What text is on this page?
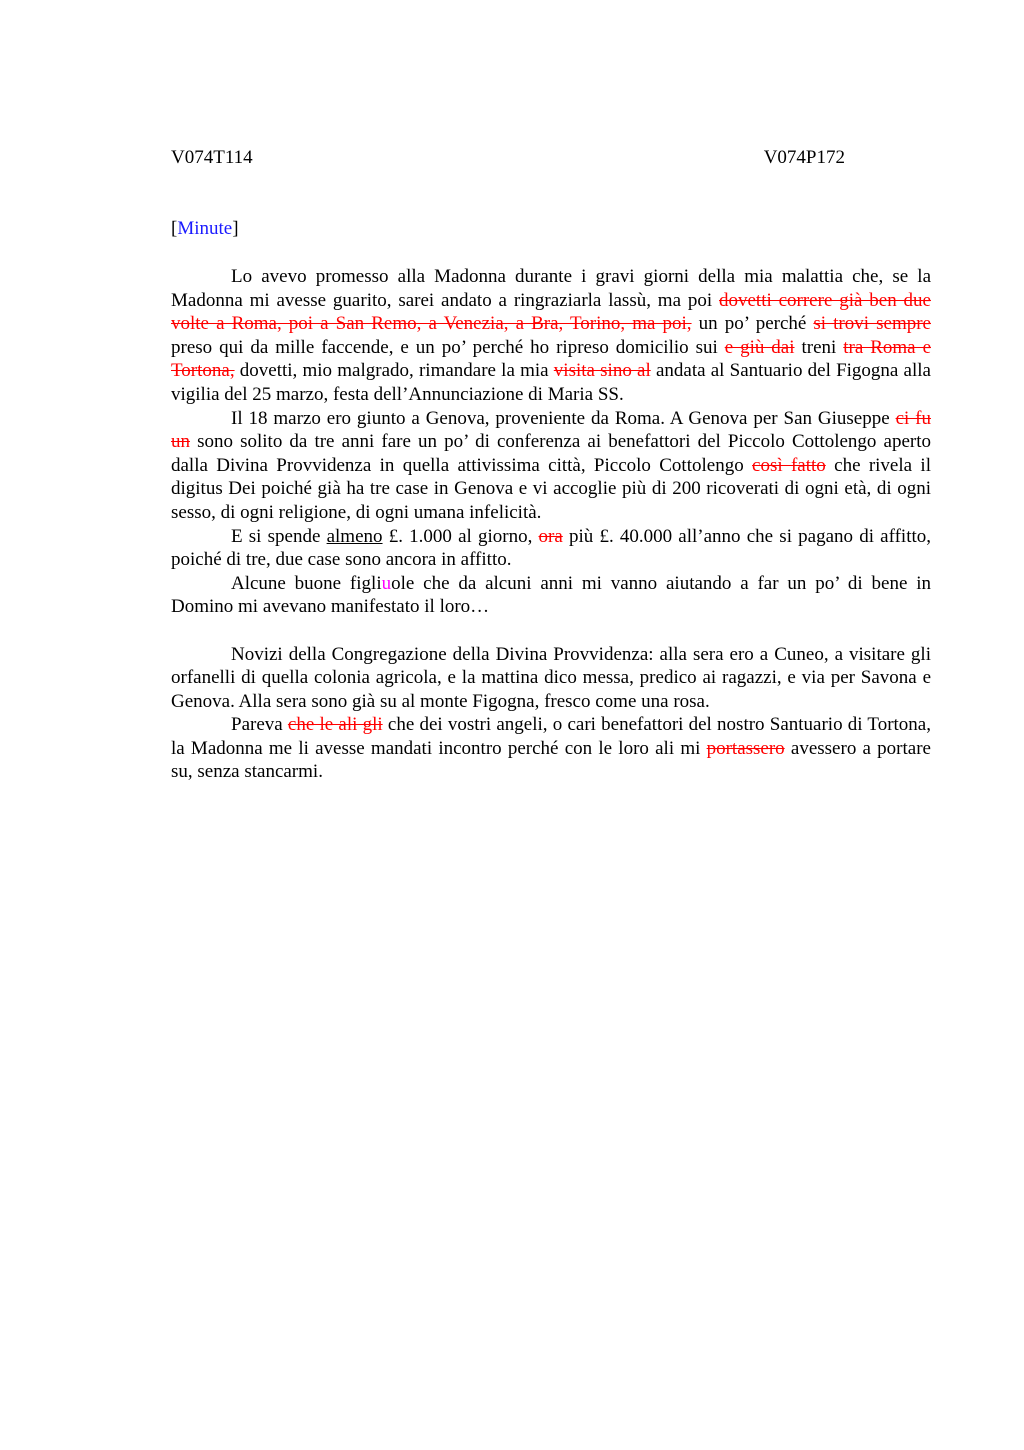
V074T114	V074P172
[Minute]

Lo avevo promesso alla Madonna durante i gravi giorni della mia malattia che, se la Madonna mi avesse guarito, sarei andato a ringraziarla lassù, ma poi dovetti correre già ben due volte a Roma, poi a San Remo, a Venezia, a Bra, Torino, ma poi, un po’ perché si trovi sempre preso qui da mille faccende, e un po’ perché ho ripreso domicilio sui e giù dai treni tra Roma e Tortona, dovetti, mio malgrado, rimandare la mia visita sino al andata al Santuario del Figogna alla vigilia del 25 marzo, festa dell’Annunciazione di Maria SS.

Il 18 marzo ero giunto a Genova, proveniente da Roma. A Genova per San Giuseppe ci fu un sono solito da tre anni fare un po’ di conferenza ai benefattori del Piccolo Cottolengo aperto dalla Divina Provvidenza in quella attivissima città, Piccolo Cottolengo così fatto che rivela il digitus Dei poiché già ha tre case in Genova e vi accoglie più di 200 ricoverati di ogni età, di ogni sesso, di ogni religione, di ogni umana infelicità.

E si spende almeno £. 1.000 al giorno, ora più £. 40.000 all’anno che si pagano di affitto, poiché di tre, due case sono ancora in affitto.

Alcune buone figliuole che da alcuni anni mi vanno aiutando a far un po’ di bene in Domino mi avevano manifestato il loro…

Novizi della Congregazione della Divina Provvidenza: alla sera ero a Cuneo, a visitare gli orfanelli di quella colonia agricola, e la mattina dico messa, predico ai ragazzi, e via per Savona e Genova. Alla sera sono già su al monte Figogna, fresco come una rosa.

Pareva che le ali gli che dei vostri angeli, o cari benefattori del nostro Santuario di Tortona, la Madonna me li avesse mandati incontro perché con le loro ali mi portassero avessero a portare su, senza stancarmi.
